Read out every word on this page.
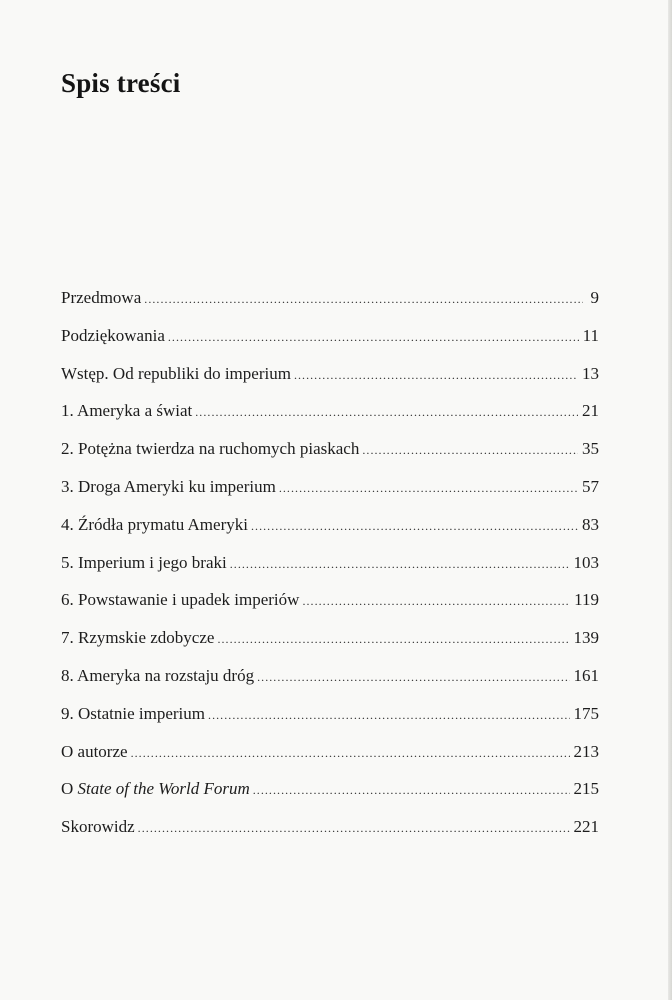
Spis treści
Przedmowa .....	9
Podziękowania .....	11
Wstęp. Od republiki do imperium .....	13
1. Ameryka a świat .....	21
2. Potężna twierdza na ruchomych piaskach .....	35
3. Droga Ameryki ku imperium .....	57
4. Źródła prymatu Ameryki .....	83
5. Imperium i jego braki .....	103
6. Powstawanie i upadek imperiów .....	119
7. Rzymskie zdobycze .....	139
8. Ameryka na rozstaju dróg .....	161
9. Ostatnie imperium .....	175
O autorze .....	213
O State of the World Forum .....	215
Skorowidz .....	221
